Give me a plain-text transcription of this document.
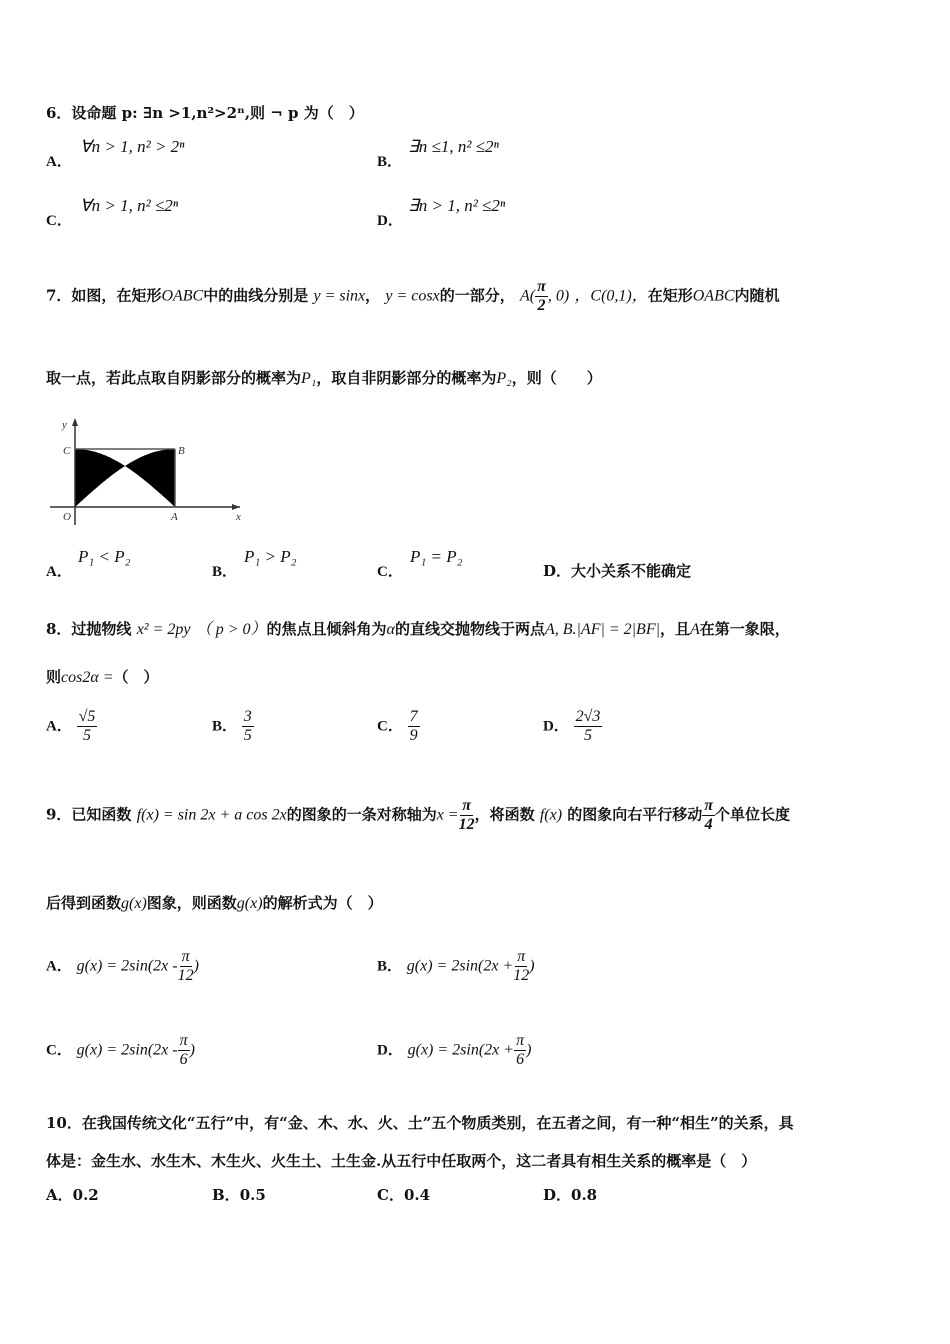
6．设命题 p: ∃n >1,n²>2ⁿ,则 ¬ p 为（　）
A．
∀n > 1, n² > 2ⁿ
B．
∃n ≤1, n² ≤2ⁿ
C．
∀n > 1, n² ≤2ⁿ
D．
∃n > 1, n² ≤2ⁿ
7．如图，在矩形OABC中的曲线分别是 y = sinx， y = cosx的一部分， $A( \frac{\pi}{2}$ , 0) ，C(0,1)，在矩形OABC内随机
取一点，若此点取自阴影部分的概率为P₁，取自非阴影部分的概率为P₂，则（　　）
y
x
O	A
B
C
A．
P₁ < P₂
B．
P₁ > P₂
C．
P₁ = P₂
D．大小关系不能确定
8．过抛物线 x² = 2py （ p > 0）的焦点且倾斜角为α的直线交抛物线于两点A, B.|AF| = 2|BF|，且A在第一象限，
则cos2α =（　）
A． $\frac{√5}{5}$	B． $\frac{3}{5}$	C． $\frac{7}{9}$	D． $\frac{2√3}{5}$
9．已知函数 f(x) = sin 2x + a cos 2x的图象的一条对称轴为$x = \frac{\pi}{12}$ ，将函数 f(x) 的图象向右平行移动 $\frac{\pi}{4}$ 个单位长度
后得到函数g(x)图象，则函数g(x)的解析式为（　）
A． $g(x) = 2\sin(2x - \frac{\pi}{12}$ )	B． $g(x) = 2\sin(2x + \frac{\pi}{12}$ )
C． $g(x) = 2\sin(2x - \frac{\pi}{6}$ )	D． $g(x) = 2\sin(2x + \frac{\pi}{6}$ )
10．在我国传统文化“五行”中，有“金、木、水、火、土”五个物质类别，在五者之间，有一种“相生”的关系，具
体是：金生水、水生木、木生火、火生土、土生金.从五行中任取两个，这二者具有相生关系的概率是（　）
A．0.2	B．0.5	C．0.4	D．0.8
